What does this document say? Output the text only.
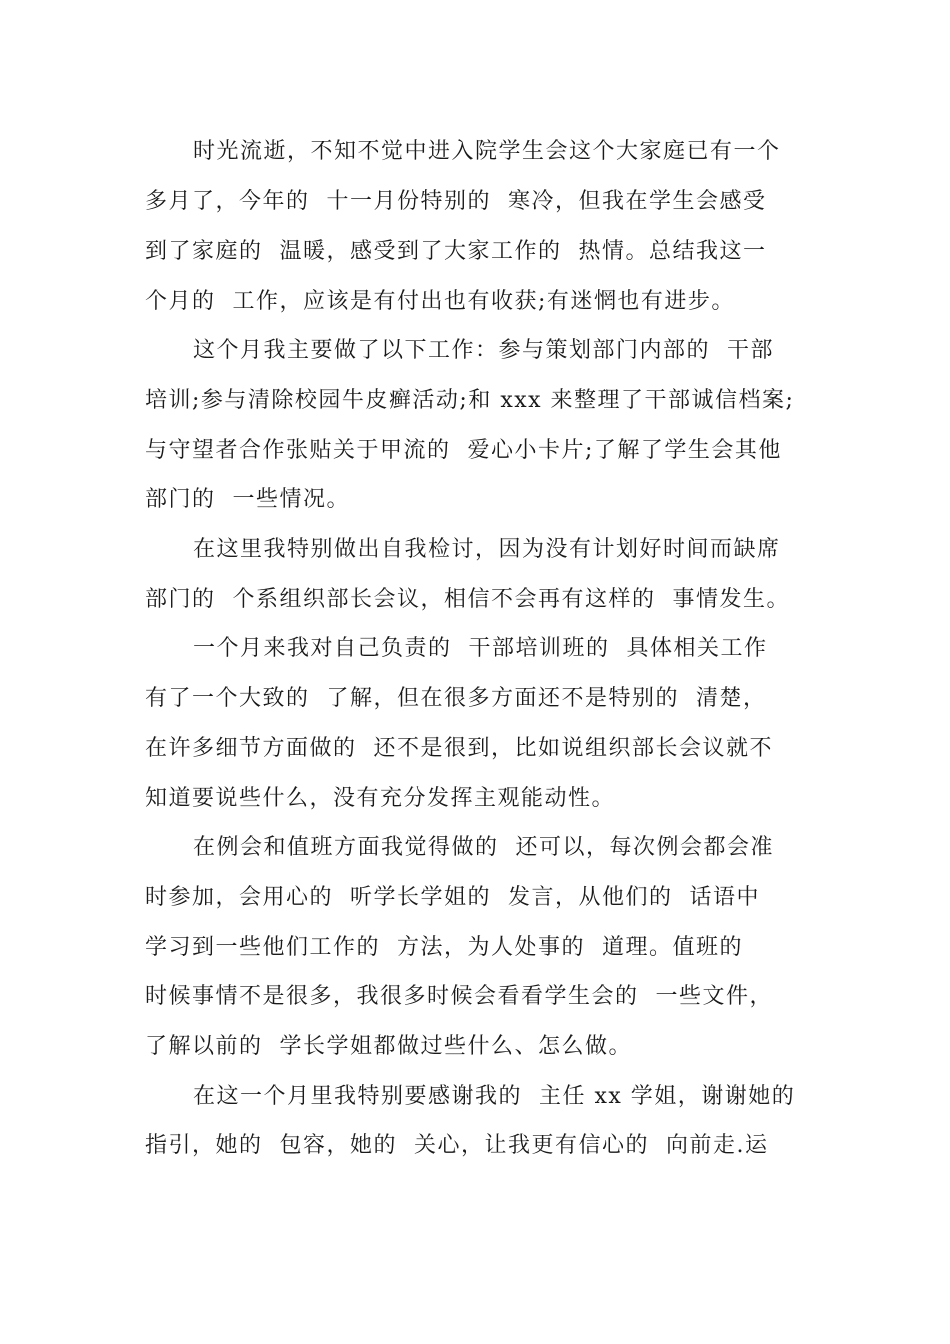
时光流逝，不知不觉中进入院学生会这个大家庭已有一个
多月了，今年的  十一月份特别的  寒冷，但我在学生会感受
到了家庭的  温暖，感受到了大家工作的  热情。总结我这一
个月的  工作，应该是有付出也有收获;有迷惘也有进步。
这个月我主要做了以下工作：参与策划部门内部的  干部
培训;参与清除校园牛皮癣活动;和 xxx 来整理了干部诚信档案;
与守望者合作张贴关于甲流的  爱心小卡片;了解了学生会其他
部门的  一些情况。
在这里我特别做出自我检讨，因为没有计划好时间而缺席
部门的  个系组织部长会议，相信不会再有这样的  事情发生。
一个月来我对自己负责的  干部培训班的  具体相关工作
有了一个大致的  了解，但在很多方面还不是特别的  清楚，
在许多细节方面做的  还不是很到，比如说组织部长会议就不
知道要说些什么，没有充分发挥主观能动性。
在例会和值班方面我觉得做的  还可以，每次例会都会准
时参加，会用心的  听学长学姐的  发言，从他们的  话语中
学习到一些他们工作的  方法，为人处事的  道理。值班的
时候事情不是很多，我很多时候会看看学生会的  一些文件，
了解以前的  学长学姐都做过些什么、怎么做。
在这一个月里我特别要感谢我的  主任 xx 学姐，谢谢她的
指引，她的  包容，她的  关心，让我更有信心的  向前走.运
